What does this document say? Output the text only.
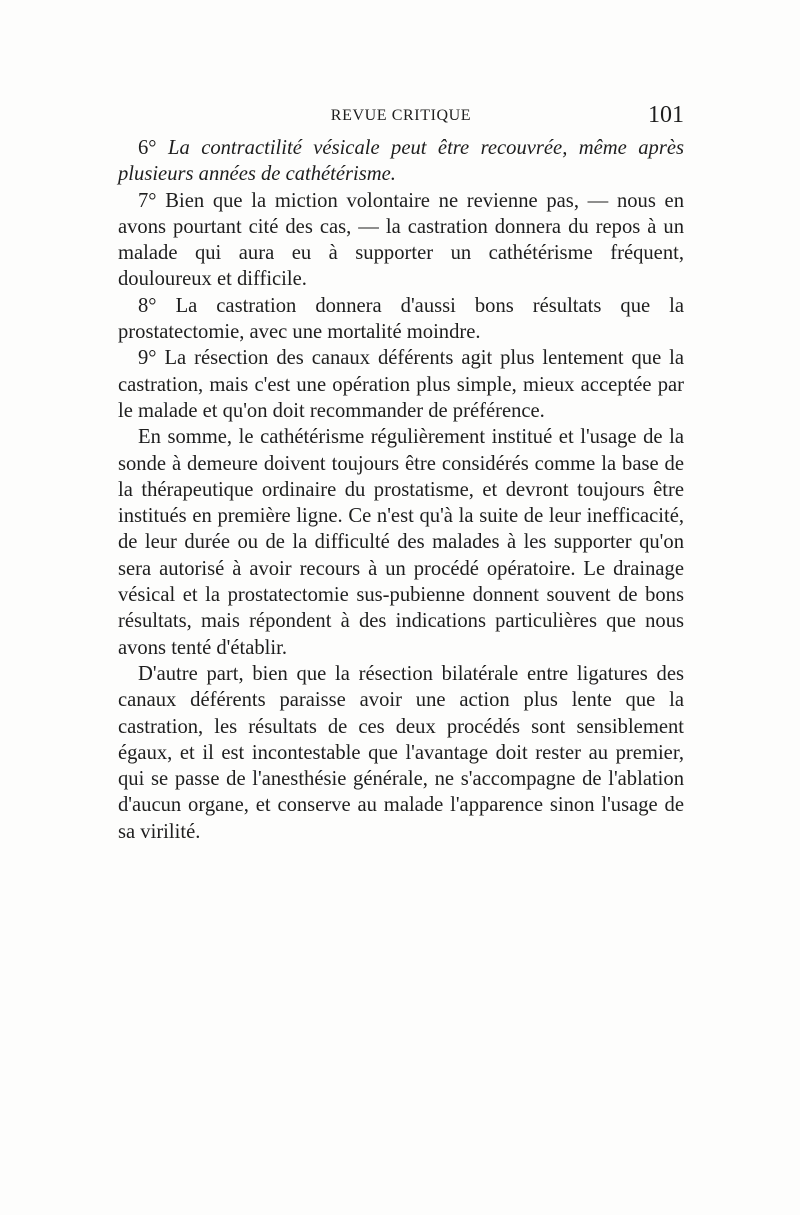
REVUE CRITIQUE	101

6° La contractilité vésicale peut être recouvrée, même après plusieurs années de cathétérisme.

7° Bien que la miction volontaire ne revienne pas, — nous en avons pourtant cité des cas, — la castration donnera du repos à un malade qui aura eu à supporter un cathétérisme fréquent, douloureux et difficile.

8° La castration donnera d'aussi bons résultats que la prostatectomie, avec une mortalité moindre.

9° La résection des canaux déférents agit plus lentement que la castration, mais c'est une opération plus simple, mieux acceptée par le malade et qu'on doit recommander de préférence.

En somme, le cathétérisme régulièrement institué et l'usage de la sonde à demeure doivent toujours être considérés comme la base de la thérapeutique ordinaire du prostatisme, et devront toujours être institués en première ligne. Ce n'est qu'à la suite de leur inefficacité, de leur durée ou de la difficulté des malades à les supporter qu'on sera autorisé à avoir recours à un procédé opératoire. Le drainage vésical et la prostatectomie sus-pubienne donnent souvent de bons résultats, mais répondent à des indications particulières que nous avons tenté d'établir.

D'autre part, bien que la résection bilatérale entre ligatures des canaux déférents paraisse avoir une action plus lente que la castration, les résultats de ces deux procédés sont sensiblement égaux, et il est incontestable que l'avantage doit rester au premier, qui se passe de l'anesthésie générale, ne s'accompagne de l'ablation d'aucun organe, et conserve au malade l'apparence sinon l'usage de sa virilité.
